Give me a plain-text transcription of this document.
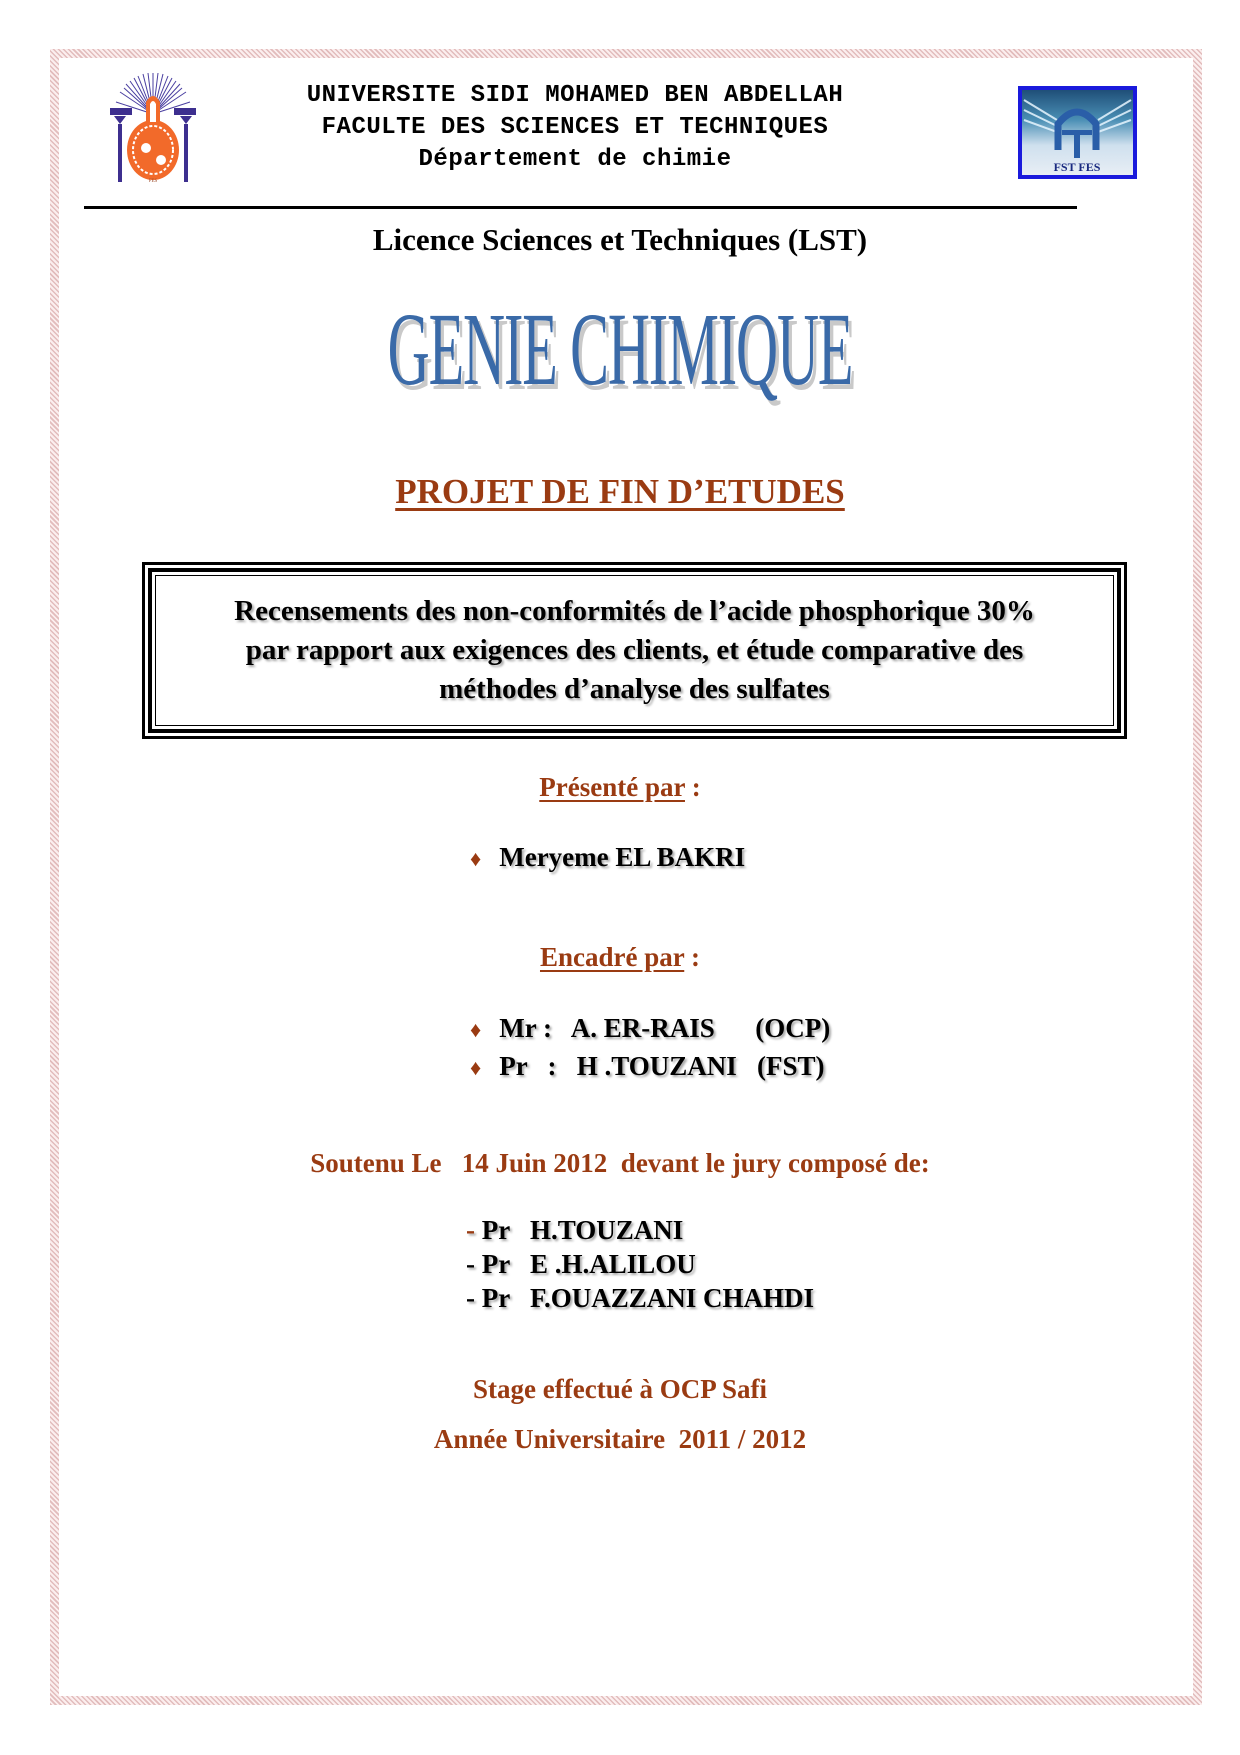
FES
UNIVERSITE SIDI MOHAMED BEN ABDELLAH
FACULTE DES SCIENCES ET TECHNIQUES
Département de chimie	FST FES
Licence Sciences et Techniques (LST)
GENIE CHIMIQUE
PROJET DE FIN D’ETUDES
Recensements des non-conformités de l’acide phosphorique 30%
par rapport aux exigences des clients, et étude comparative des
méthodes d’analyse des sulfates
Présenté par :
♦ Meryeme EL BAKRI
Encadré par :
♦ Mr :   A. ER-RAIS      (OCP)
♦ Pr   :   H .TOUZANI   (FST)
Soutenu Le   14 Juin 2012  devant le jury composé de:
- Pr H.TOUZANI
- Pr E .H.ALILOU
- Pr F.OUAZZANI CHAHDI
Stage effectué à OCP Safi
Année Universitaire  2011 / 2012
